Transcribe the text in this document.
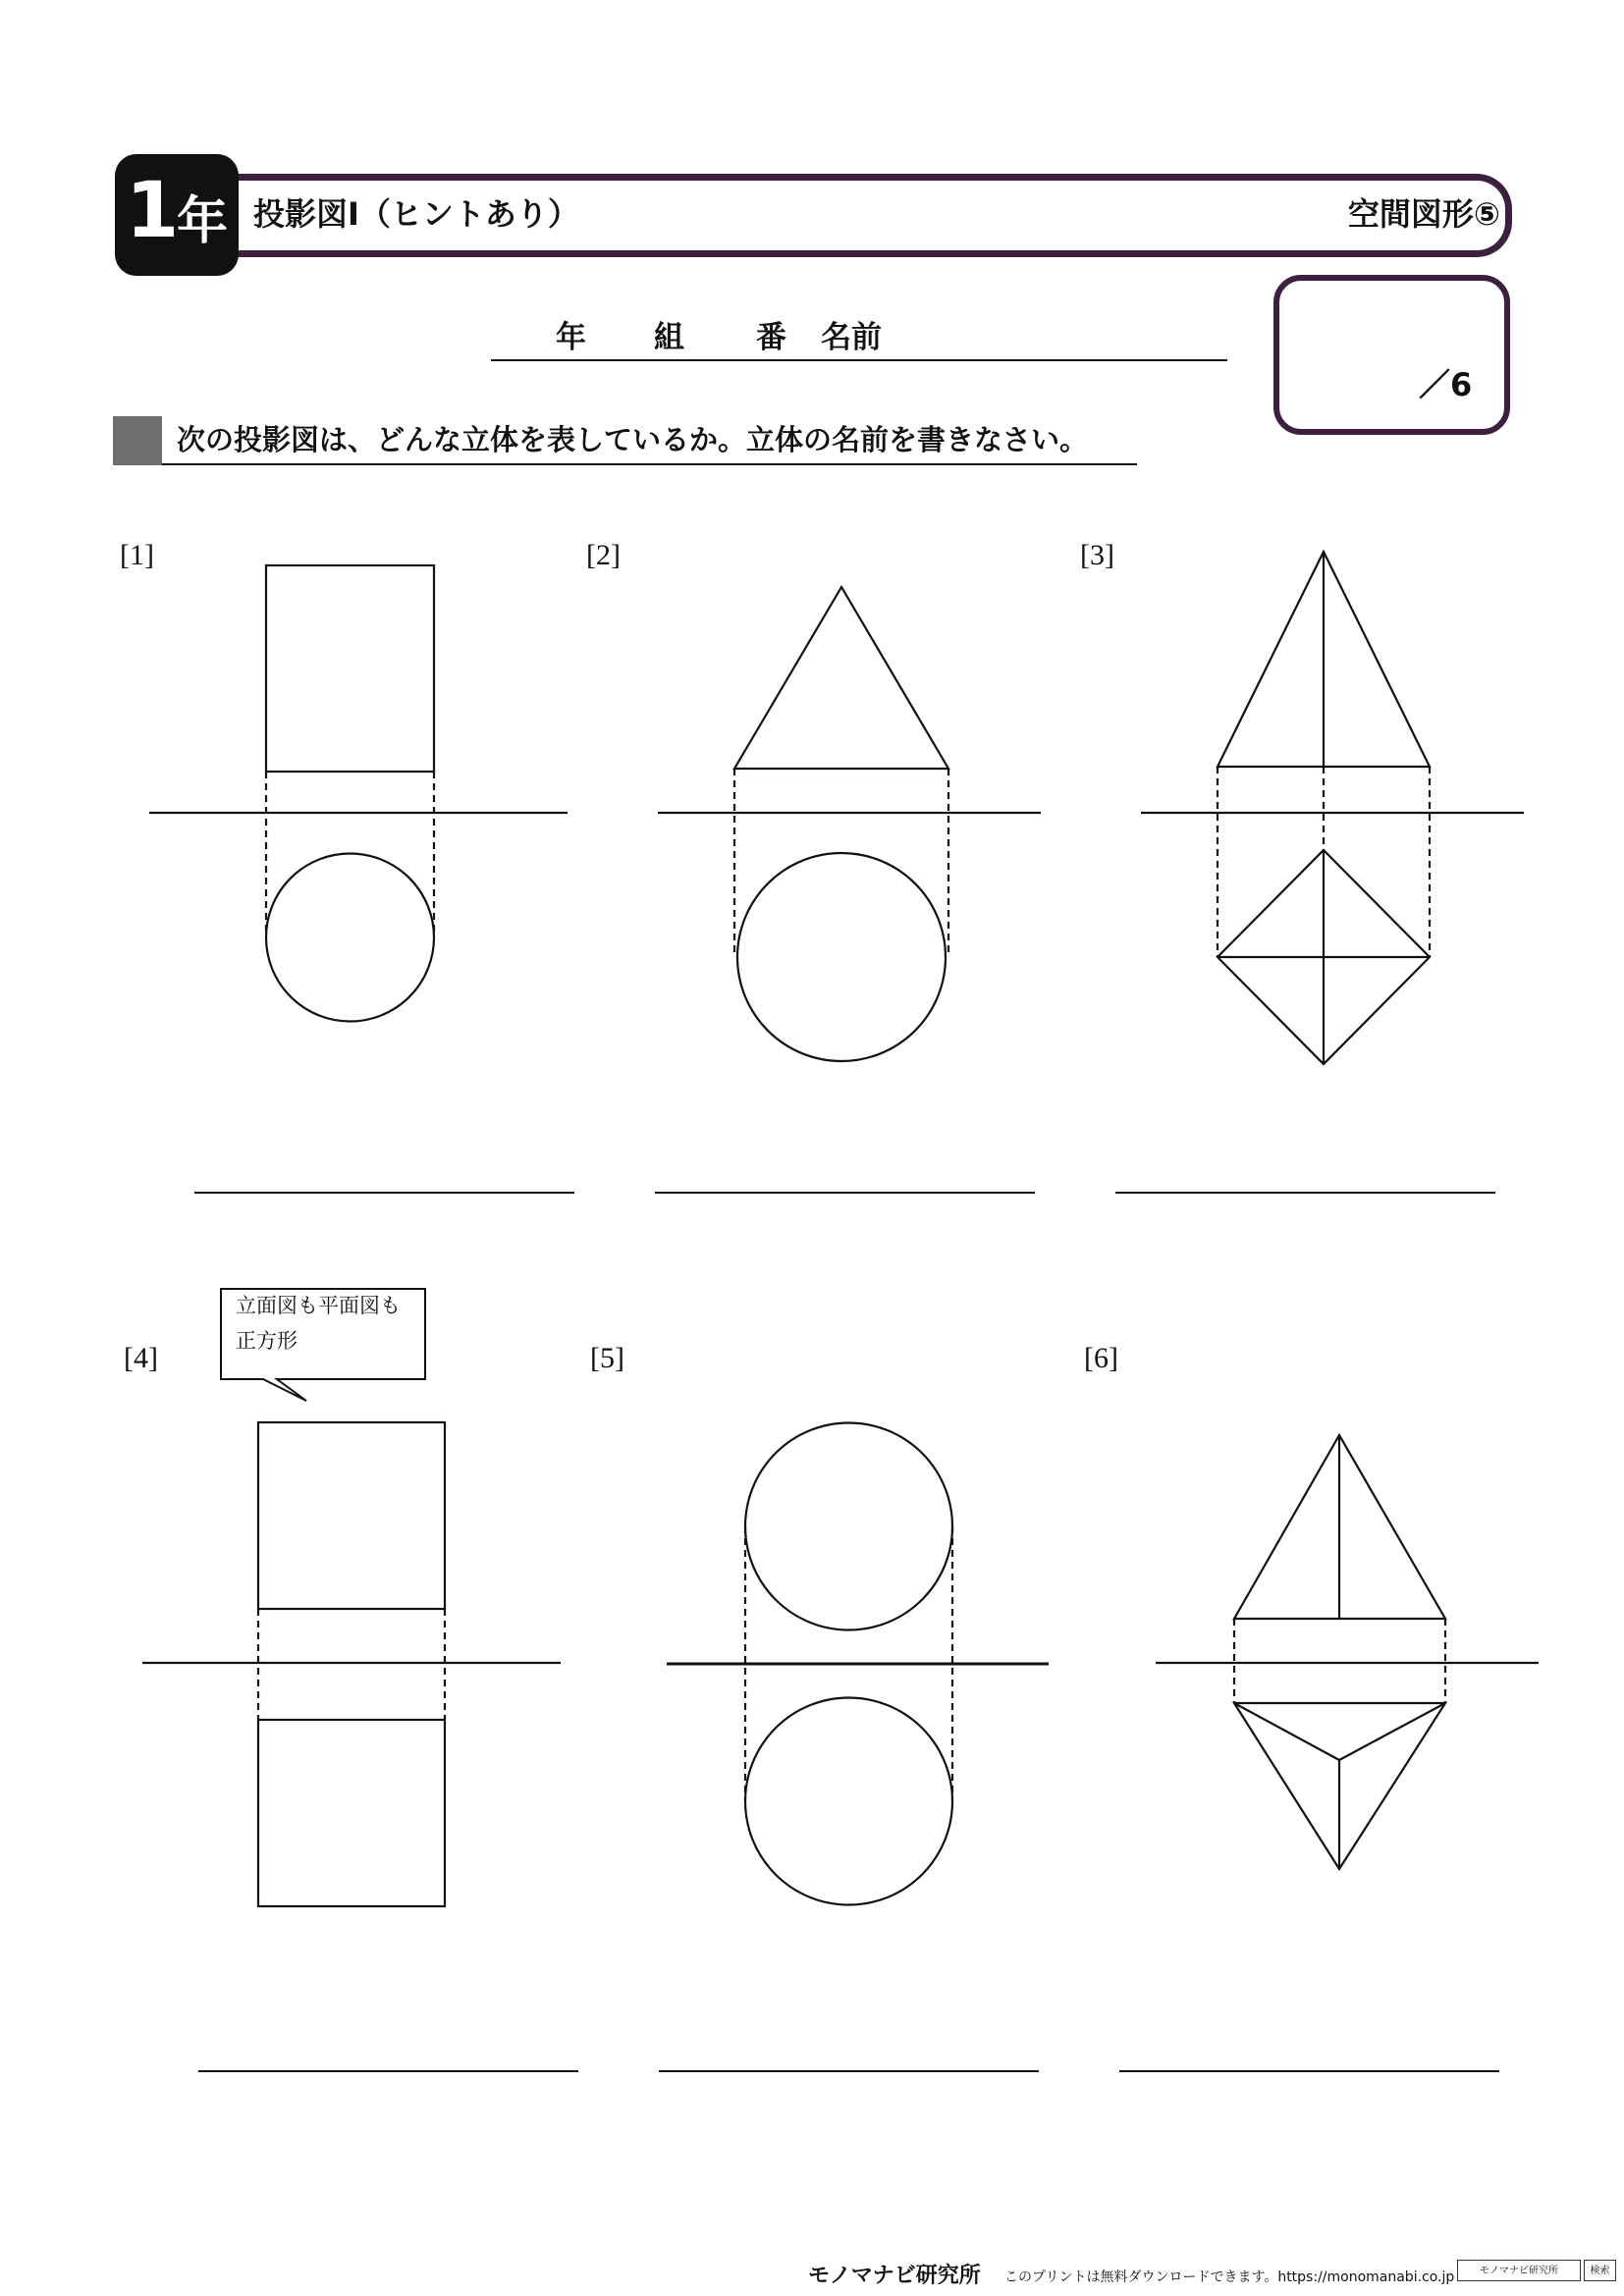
1
年 投影図Ⅰ（ヒントあり）	空間図形⑤
／6
年 組 番 名前
次の投影図は、どんな立体を表しているか。立体の名前を書きなさい。
[1]	[2]	[3]
[4]	[5]	[6]
立面図も平面図も
正方形
モノマナビ研究所 このプリントは無料ダウンロードできます。https://monomanabi.co.jp	モノマナビ研究所	検索
